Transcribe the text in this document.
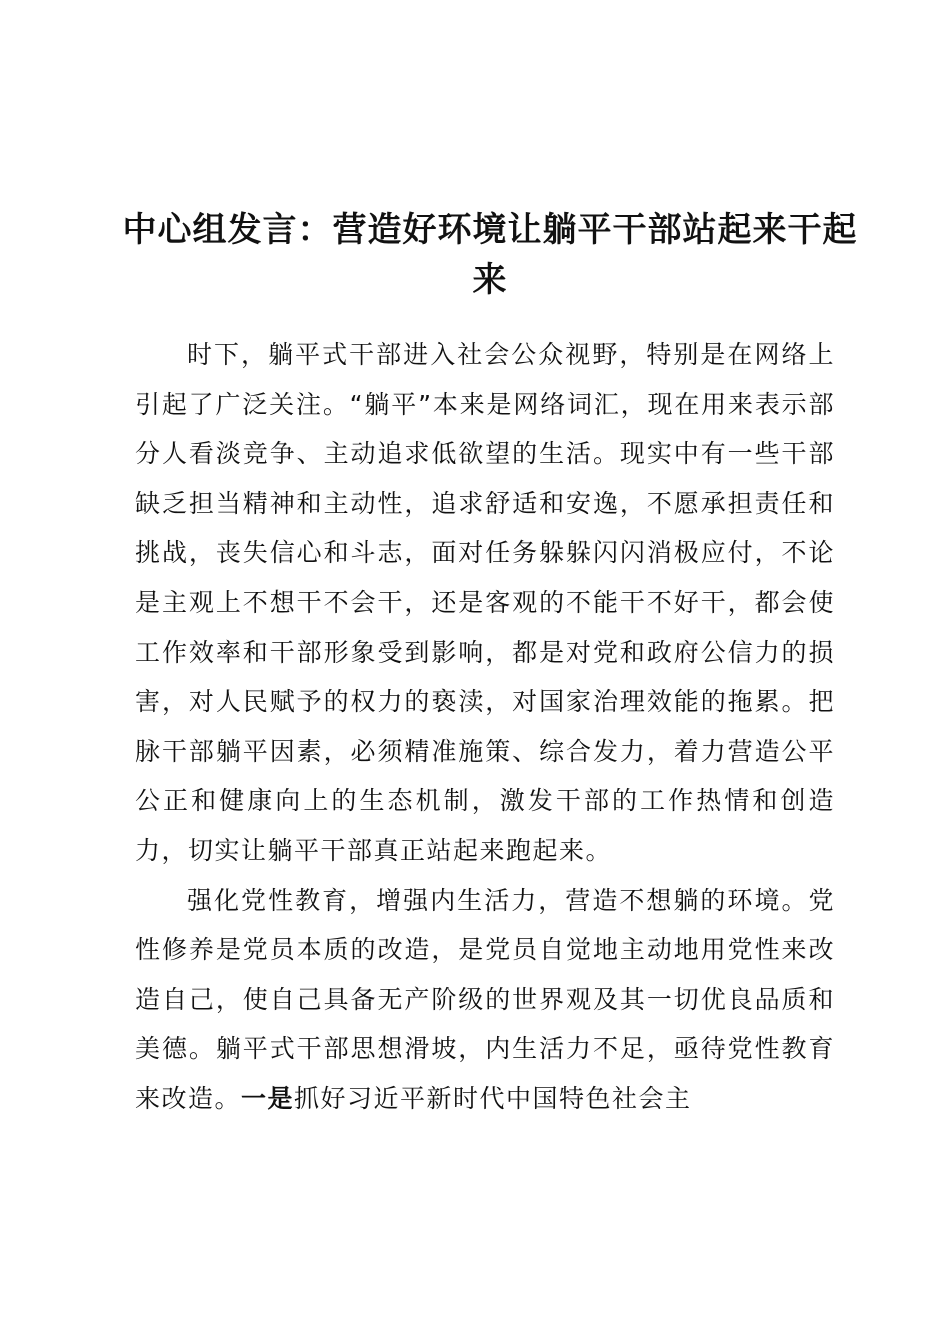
中心组发言：营造好环境让躺平干部站起来干起来

时下，躺平式干部进入社会公众视野，特别是在网络上引起了广泛关注。“躺平”本来是网络词汇，现在用来表示部分人看淡竞争、主动追求低欲望的生活。现实中有一些干部缺乏担当精神和主动性，追求舒适和安逸，不愿承担责任和挑战，丧失信心和斗志，面对任务躲躲闪闪消极应付，不论是主观上不想干不会干，还是客观的不能干不好干，都会使工作效率和干部形象受到影响，都是对党和政府公信力的损害，对人民赋予的权力的亵渎，对国家治理效能的拖累。把脉干部躺平因素，必须精准施策、综合发力，着力营造公平公正和健康向上的生态机制，激发干部的工作热情和创造力，切实让躺平干部真正站起来跑起来。

强化党性教育，增强内生活力，营造不想躺的环境。党性修养是党员本质的改造，是党员自觉地主动地用党性来改造自己，使自己具备无产阶级的世界观及其一切优良品质和美德。躺平式干部思想滑坡，内生活力不足，亟待党性教育来改造。一是抓好习近平新时代中国特色社会主
